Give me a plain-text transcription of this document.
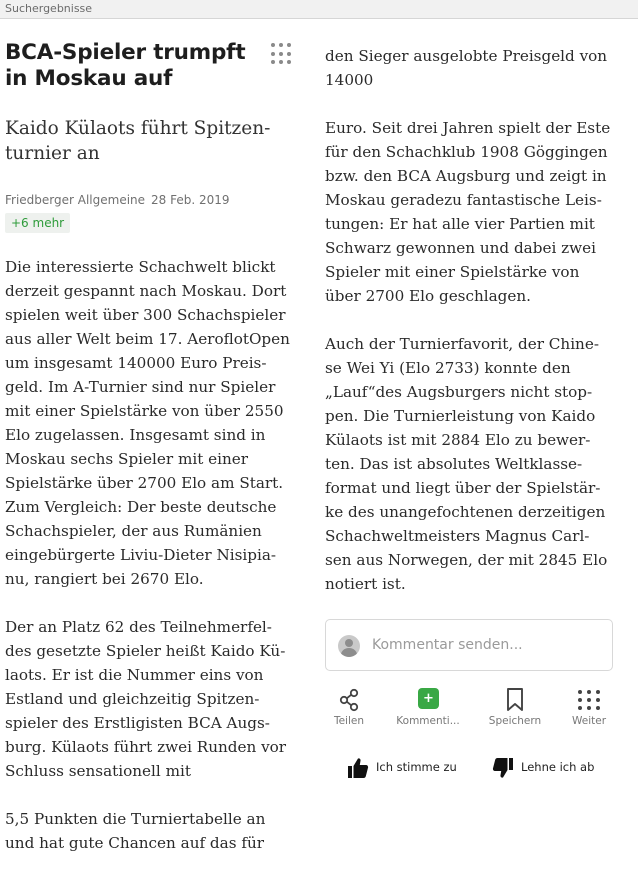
Suchergebnisse
BCA-Spieler trumpft in Moskau auf
Kaido Külaots führt Spitzen-
turnier an
Friedberger Allgemeine 28 Feb. 2019
+6 mehr

Die interessierte Schachwelt blickt
derzeit gespannt nach Moskau. Dort
spielen weit über 300 Schachspieler
aus aller Welt beim 17. AeroflotOpen
um insgesamt 140000 Euro Preis-
geld. Im A-Turnier sind nur Spieler
mit einer Spielstärke von über 2550
Elo zugelassen. Insgesamt sind in
Moskau sechs Spieler mit einer
Spielstärke über 2700 Elo am Start.
Zum Vergleich: Der beste deutsche
Schachspieler, der aus Rumänien
eingebürgerte Liviu-Dieter Nisipia-
nu, rangiert bei 2670 Elo.

Der an Platz 62 des Teilnehmerfel-
des gesetzte Spieler heißt Kaido Kü-
laots. Er ist die Nummer eins von
Estland und gleichzeitig Spitzen-
spieler des Erstligisten BCA Augs-
burg. Külaots führt zwei Runden vor
Schluss sensationell mit

5,5 Punkten die Turniertabelle an
und hat gute Chancen auf das für

den Sieger ausgelobte Preisgeld von
14000

Euro. Seit drei Jahren spielt der Este
für den Schachklub 1908 Göggingen
bzw. den BCA Augsburg und zeigt in
Moskau geradezu fantastische Leis-
tungen: Er hat alle vier Partien mit
Schwarz gewonnen und dabei zwei
Spieler mit einer Spielstärke von
über 2700 Elo geschlagen.

Auch der Turnierfavorit, der Chine-
se Wei Yi (Elo 2733) konnte den
„Lauf“des Augsburgers nicht stop-
pen. Die Turnierleistung von Kaido
Külaots ist mit 2884 Elo zu bewer-
ten. Das ist absolutes Weltklasse-
format und liegt über der Spielstär-
ke des unangefochtenen derzeitigen
Schachweltmeisters Magnus Carl-
sen aus Norwegen, der mit 2845 Elo
notiert ist.

Kommentar senden...
Teilen
+
Kommenti...	Speichern	Weiter
Ich stimme zu	Lehne ich ab
